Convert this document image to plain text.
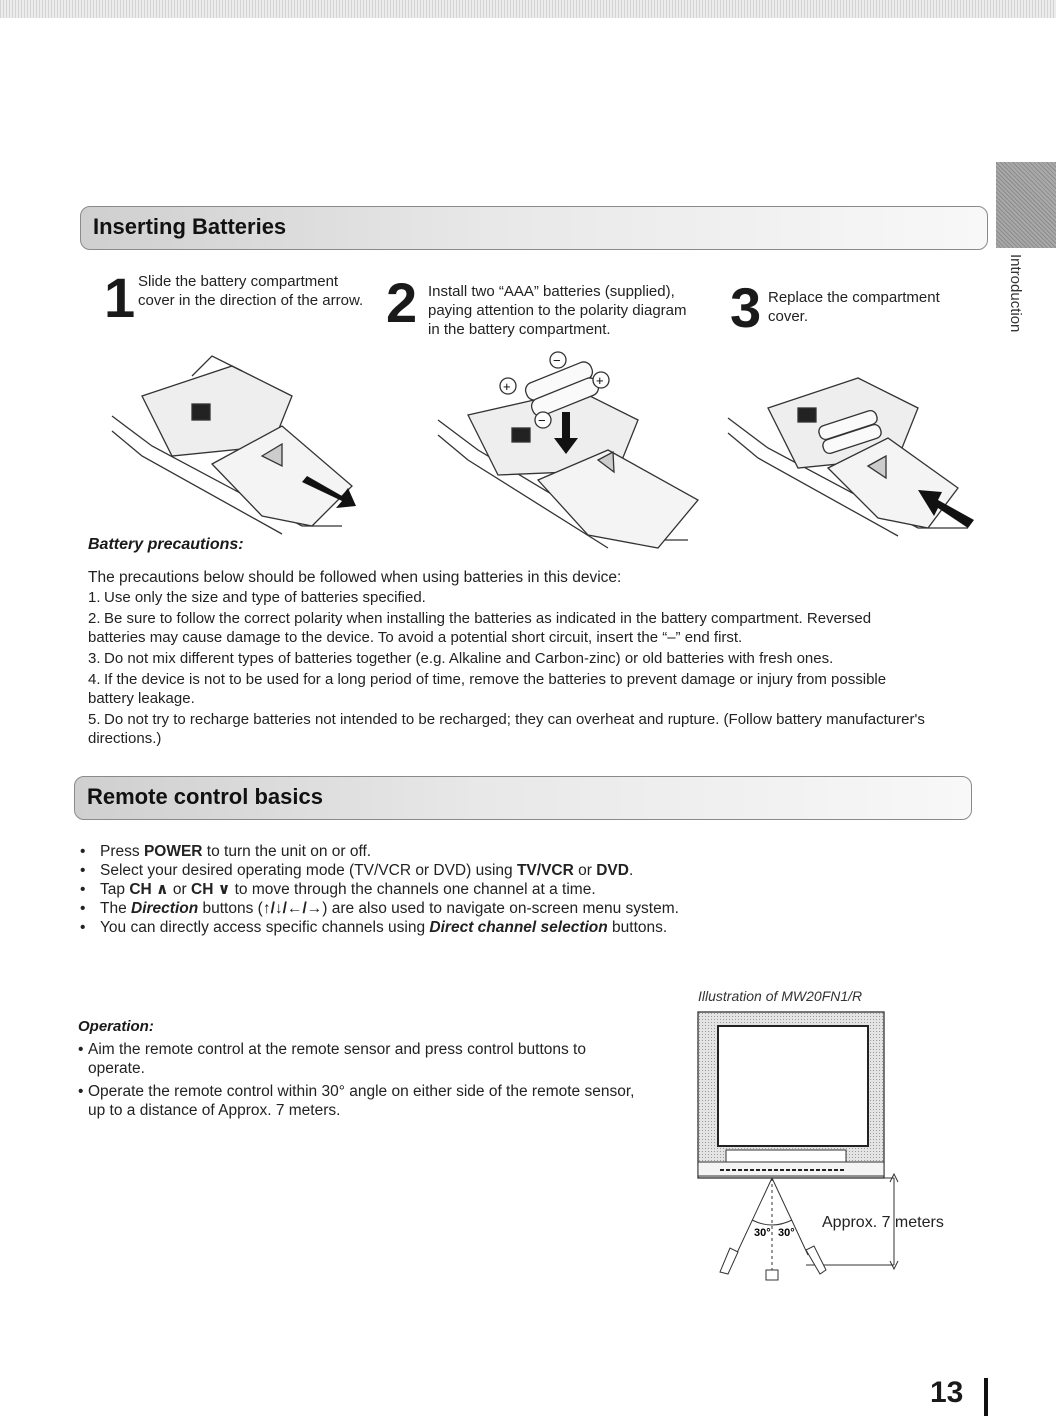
Introduction
Inserting Batteries
1 Slide the battery compartment cover in the direction of the arrow. 2 Install two “AAA” batteries (supplied), paying attention to the polarity diagram in the battery compartment.	3 Replace the compartment cover.
+	+
−
−
Battery precautions:
The precautions below should be followed when using batteries in this device:
1. Use only the size and type of batteries specified.
2. Be sure to follow the correct polarity when installing the batteries as indicated in the battery compartment. Reversed batteries may cause damage to the device. To avoid a potential short circuit, insert the “–” end first.
3. Do not mix different types of batteries together (e.g. Alkaline and Carbon-zinc) or old batteries with fresh ones.
4. If the device is not to be used for a long period of time, remove the batteries to prevent damage or injury from possible battery leakage.
5. Do not try to recharge batteries not intended to be recharged; they can overheat and rupture. (Follow battery manufacturer's directions.)
Remote control basics
• Press POWER to turn the unit on or off.
• Select your desired operating mode (TV/VCR or DVD) using TV/VCR or DVD.
• Tap CH ∧ or CH ∨ to move through the channels one channel at a time.
• The Direction buttons (↑/↓/←/→) are also used to navigate on-screen menu system.
• You can directly access specific channels using Direct channel selection buttons.
Operation:
• Aim the remote control at the remote sensor and press control buttons to operate.
• Operate the remote control within 30° angle on either side of the remote sensor, up to a distance of Approx. 7 meters.
Illustration of MW20FN1/R
30° 30°
Approx. 7 meters
13
